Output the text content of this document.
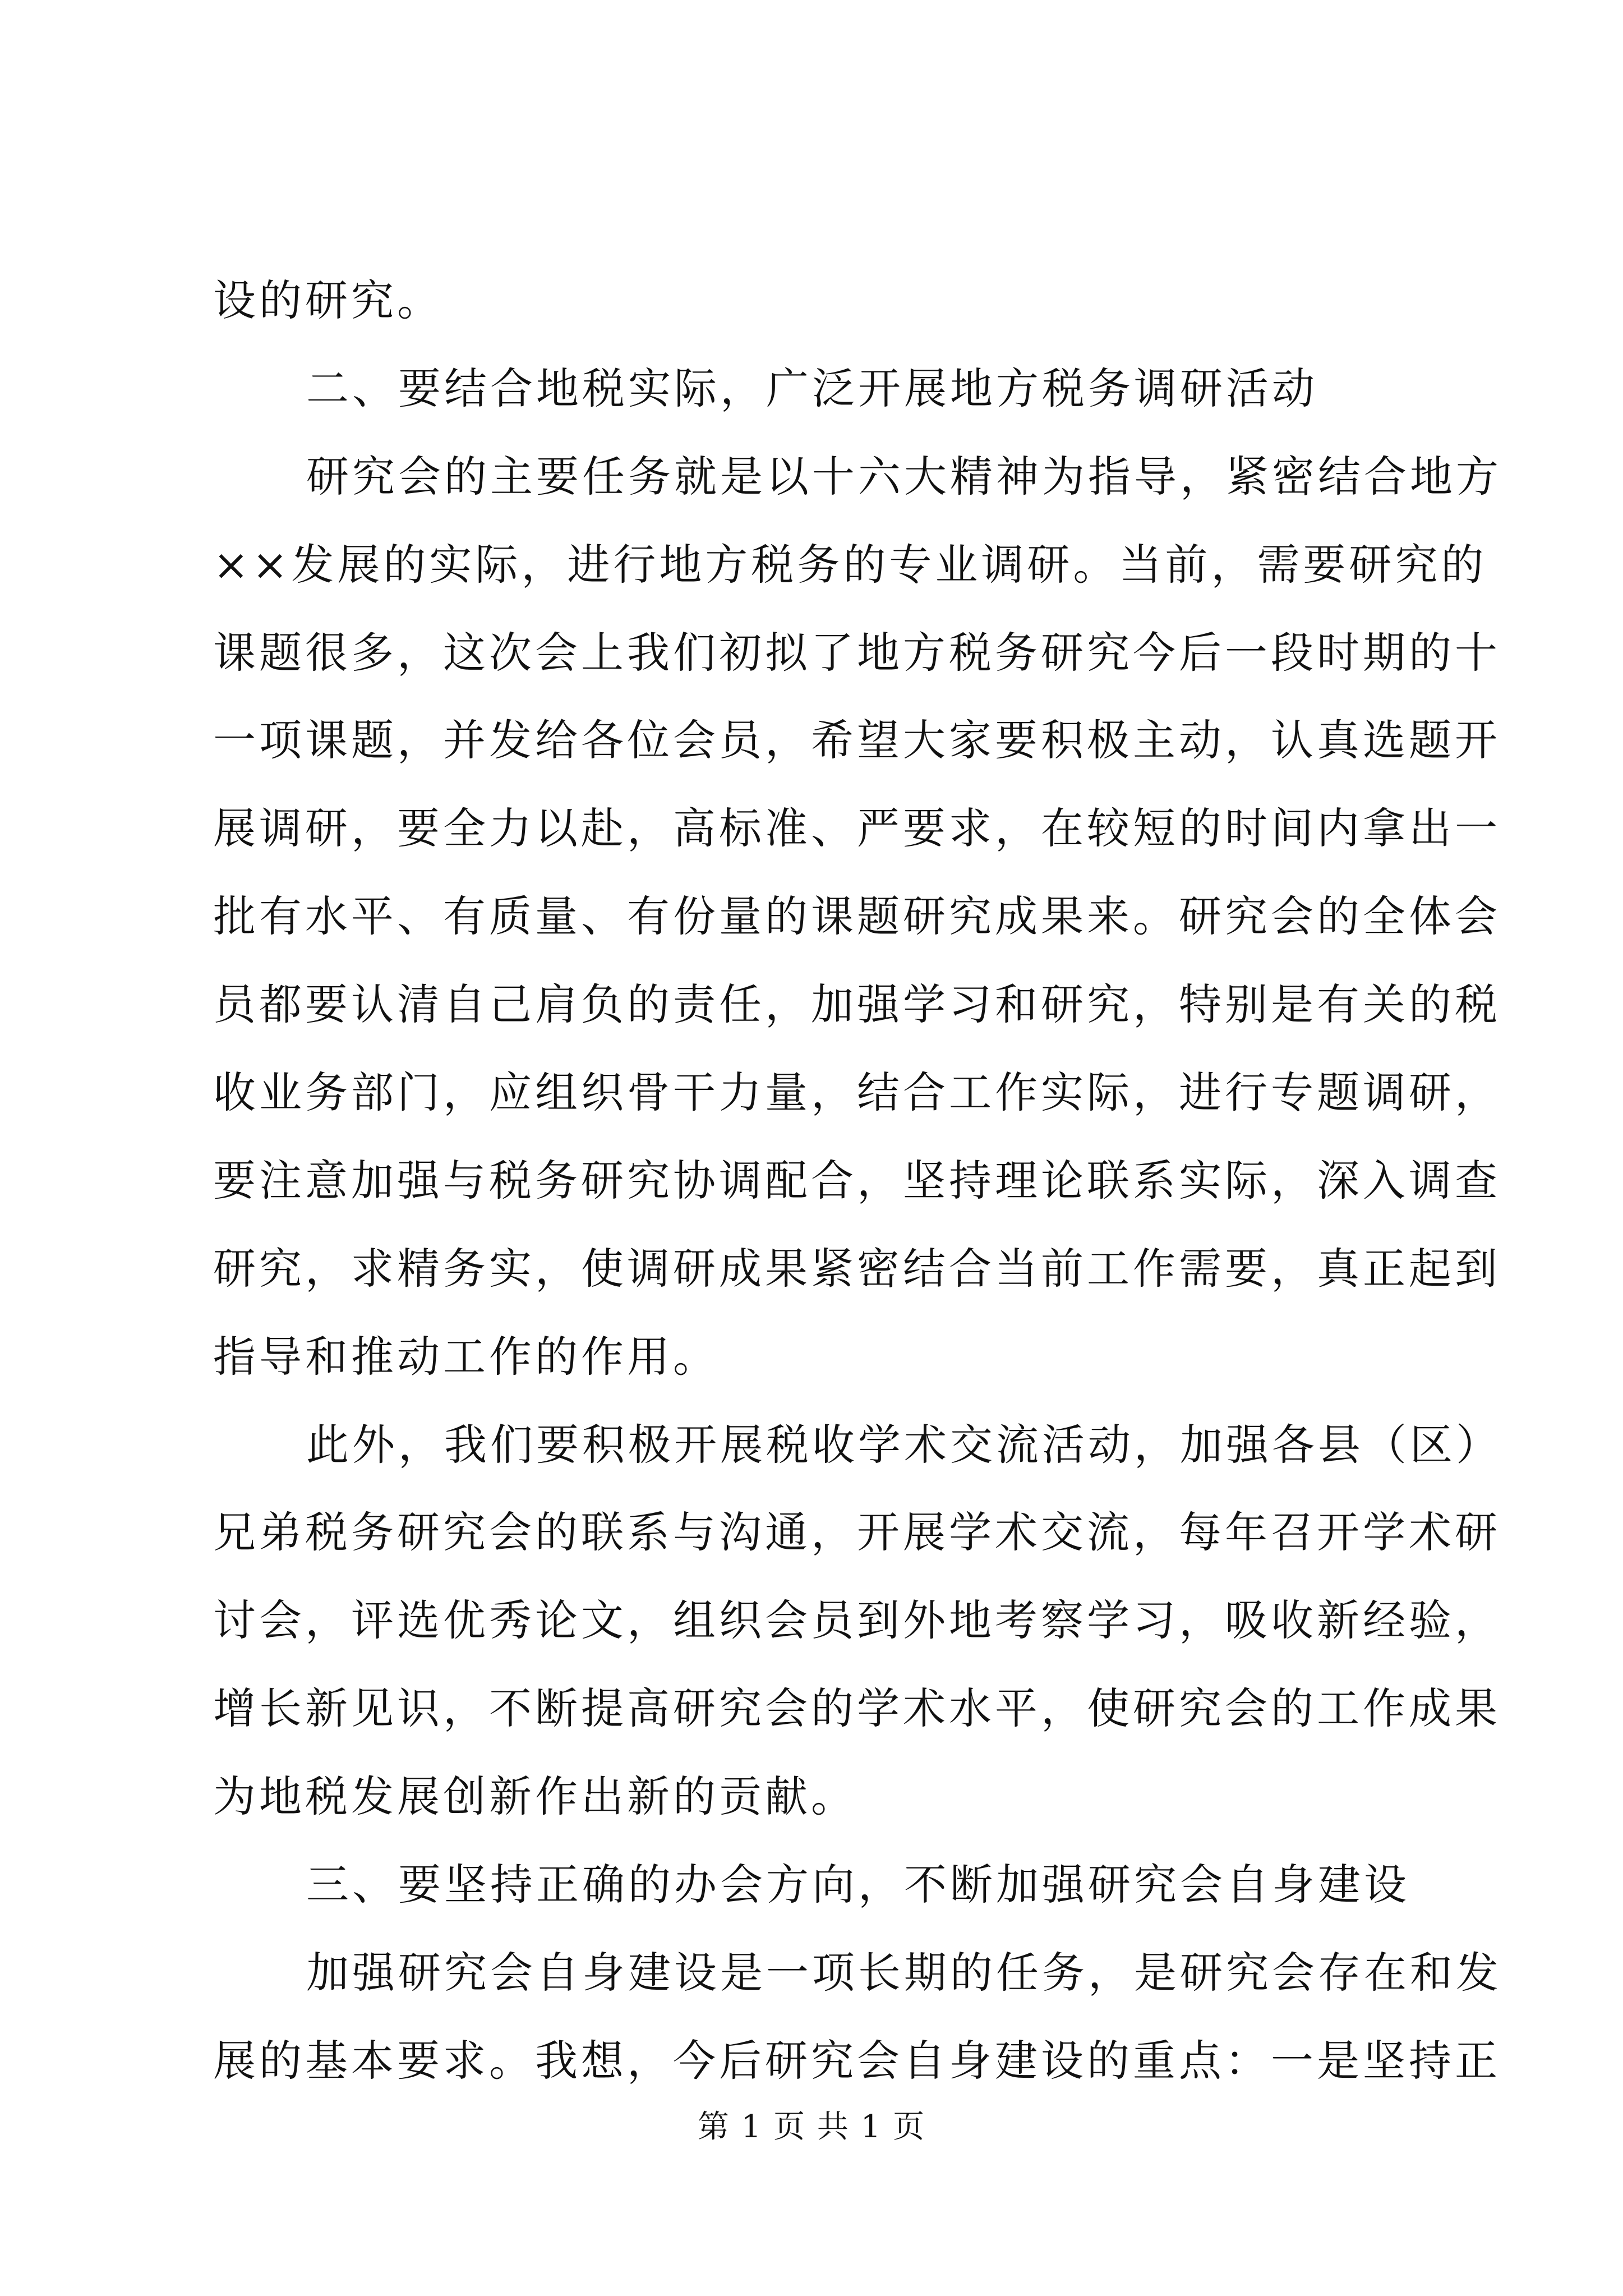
设的研究。
二、要结合地税实际，广泛开展地方税务调研活动
研究会的主要任务就是以十六大精神为指导，紧密结合地方
××发展的实际，进行地方税务的专业调研。当前，需要研究的
课题很多，这次会上我们初拟了地方税务研究今后一段时期的十
一项课题，并发给各位会员，希望大家要积极主动，认真选题开
展调研，要全力以赴，高标准、严要求，在较短的时间内拿出一
批有水平、有质量、有份量的课题研究成果来。研究会的全体会
员都要认清自己肩负的责任，加强学习和研究，特别是有关的税
收业务部门，应组织骨干力量，结合工作实际，进行专题调研，
要注意加强与税务研究协调配合，坚持理论联系实际，深入调查
研究，求精务实，使调研成果紧密结合当前工作需要，真正起到
指导和推动工作的作用。
此外，我们要积极开展税收学术交流活动，加强各县（区）
兄弟税务研究会的联系与沟通，开展学术交流，每年召开学术研
讨会，评选优秀论文，组织会员到外地考察学习，吸收新经验，
增长新见识，不断提高研究会的学术水平，使研究会的工作成果
为地税发展创新作出新的贡献。
三、要坚持正确的办会方向，不断加强研究会自身建设
加强研究会自身建设是一项长期的任务，是研究会存在和发
展的基本要求。我想，今后研究会自身建设的重点：一是坚持正
第 1 页 共 1 页
